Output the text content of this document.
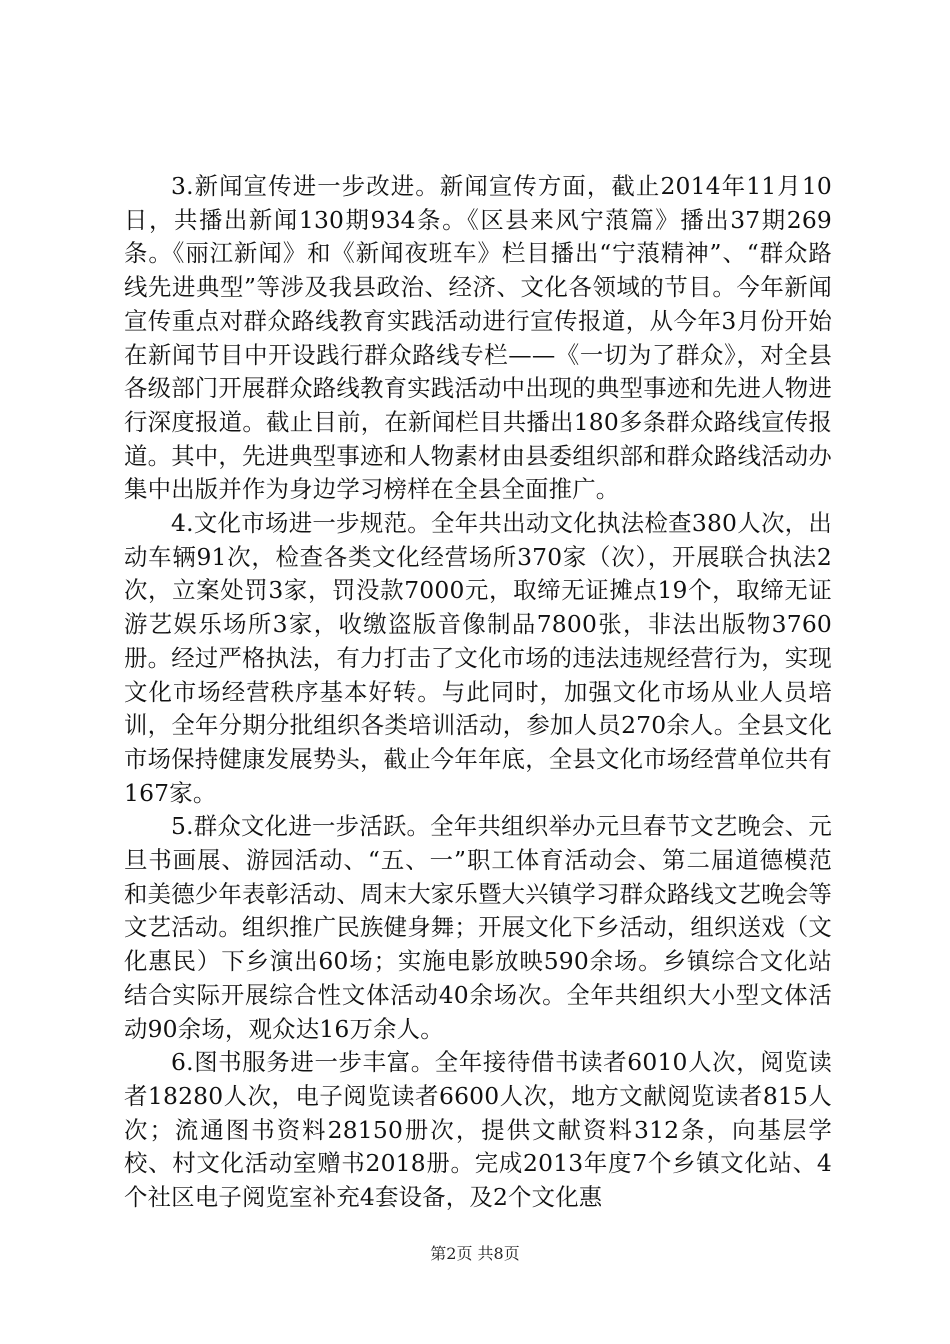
3.新闻宣传进一步改进。新闻宣传方面，截止2014年11月10日，共播出新闻130期934条。《区县来风宁蒗篇》播出37期269条。《丽江新闻》和《新闻夜班车》栏目播出“宁蒗精神”、“群众路线先进典型”等涉及我县政治、经济、文化各领域的节目。今年新闻宣传重点对群众路线教育实践活动进行宣传报道，从今年3月份开始在新闻节目中开设践行群众路线专栏——《一切为了群众》，对全县各级部门开展群众路线教育实践活动中出现的典型事迹和先进人物进行深度报道。截止目前，在新闻栏目共播出180多条群众路线宣传报道。其中，先进典型事迹和人物素材由县委组织部和群众路线活动办集中出版并作为身边学习榜样在全县全面推广。

4.文化市场进一步规范。全年共出动文化执法检查380人次，出动车辆91次，检查各类文化经营场所370家（次），开展联合执法2次，立案处罚3家，罚没款7000元，取缔无证摊点19个，取缔无证游艺娱乐场所3家，收缴盗版音像制品7800张，非法出版物3760册。经过严格执法，有力打击了文化市场的违法违规经营行为，实现文化市场经营秩序基本好转。与此同时，加强文化市场从业人员培训，全年分期分批组织各类培训活动，参加人员270余人。全县文化市场保持健康发展势头，截止今年年底，全县文化市场经营单位共有167家。

5.群众文化进一步活跃。全年共组织举办元旦春节文艺晚会、元旦书画展、游园活动、“五、一”职工体育活动会、第二届道德模范和美德少年表彰活动、周末大家乐暨大兴镇学习群众路线文艺晚会等文艺活动。组织推广民族健身舞；开展文化下乡活动，组织送戏（文化惠民）下乡演出60场；实施电影放映590余场。乡镇综合文化站结合实际开展综合性文体活动40余场次。全年共组织大小型文体活动90余场，观众达16万余人。

6.图书服务进一步丰富。全年接待借书读者6010人次，阅览读者18280人次，电子阅览读者6600人次，地方文献阅览读者815人次；流通图书资料28150册次，提供文献资料312条，向基层学校、村文化活动室赠书2018册。完成2013年度7个乡镇文化站、4个社区电子阅览室补充4套设备，及2个文化惠

第2页 共8页
